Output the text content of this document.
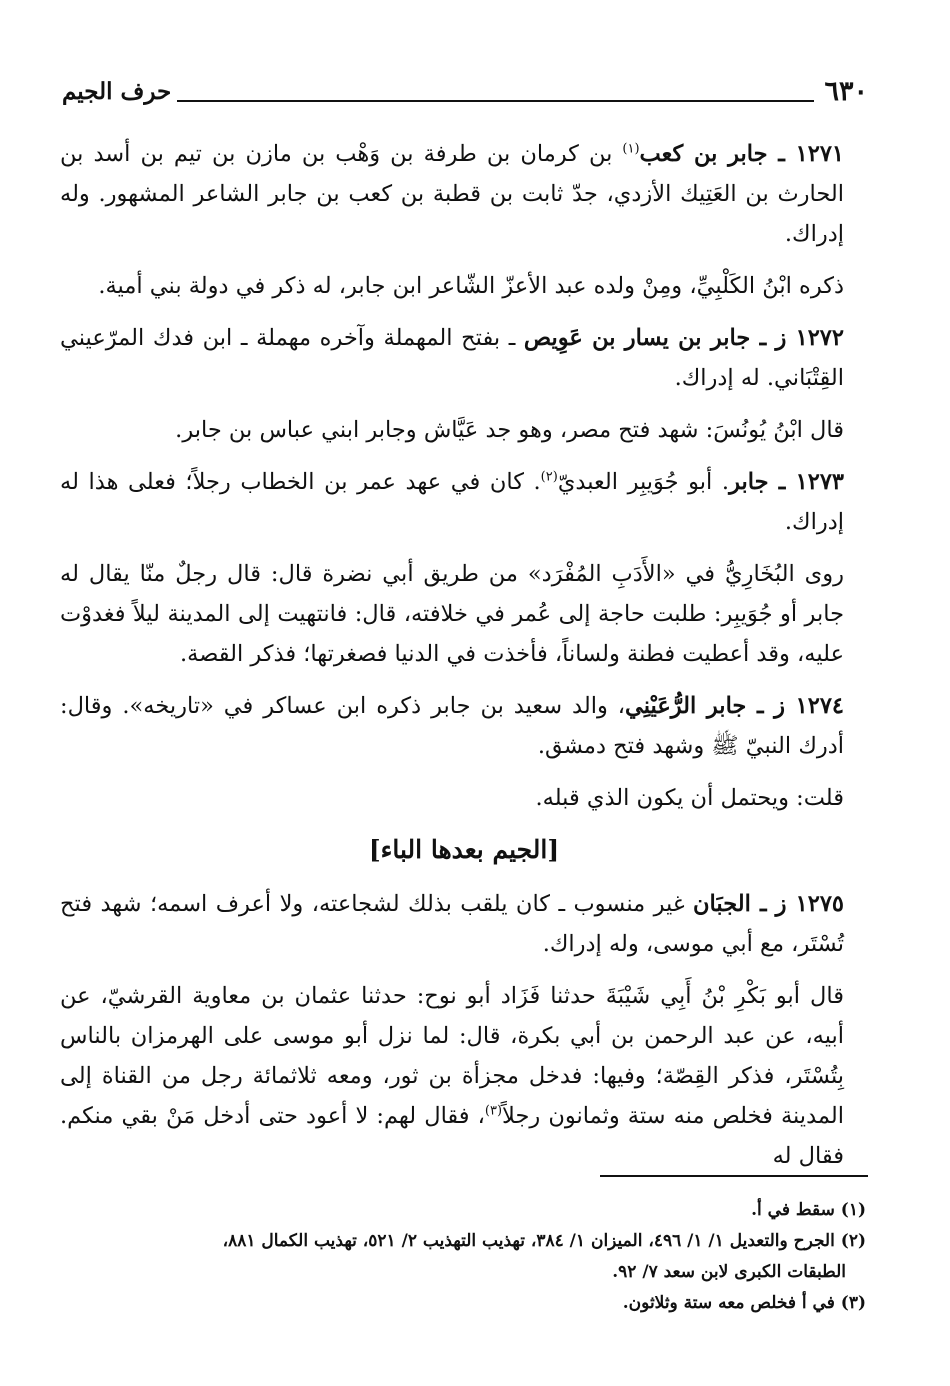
٦٣٠
حرف الجيم

١٢٧١ ـ جابر بن كعب$^{(١)}$ بن كرمان بن طرفة بن وَهْب بن مازن بن تيم بن أسد بن الحارث بن العَتِيك الأزدي، جدّ ثابت بن قطبة بن كعب بن جابر الشاعر المشهور. وله إدراك.

ذكره ابْنُ الكَلْبِيِّ، ومِنْ ولده عبد الأعزّ الشّاعر ابن جابر، له ذكر في دولة بني أمية.

١٢٧٢ ز ـ جابر بن يسار بن عَوِيص ـ بفتح المهملة وآخره مهملة ـ ابن فدك المرّعيني القِتْبَاني. له إدراك.

قال ابْنُ يُونُسَ: شهد فتح مصر، وهو جد عَيَّاش وجابر ابني عباس بن جابر.

١٢٧٣ ـ جابر. أبو جُوَيبِر العبديّ$^{(٢)}$. كان في عهد عمر بن الخطاب رجلاً؛ فعلى هذا له إدراك.

روى البُخَارِيُّ في «الأَدَبِ المُفْرَد» من طريق أبي نضرة قال: قال رجلٌ منّا يقال له جابر أو جُوَيبِر: طلبت حاجة إلى عُمر في خلافته، قال: فانتهيت إلى المدينة ليلاً فغدوْت عليه، وقد أعطيت فطنة ولساناً، فأخذت في الدنيا فصغرتها؛ فذكر القصة.

١٢٧٤ ز ـ جابر الرُّعَيْنِي، والد سعيد بن جابر ذكره ابن عساكر في «تاريخه». وقال: أدرك النبيّ ﷺ وشهد فتح دمشق.

قلت: ويحتمل أن يكون الذي قبله.

[الجيم بعدها الباء]

١٢٧٥ ز ـ الجبَان غير منسوب ـ كان يلقب بذلك لشجاعته، ولا أعرف اسمه؛ شهد فتح تُسْتَر، مع أبي موسى، وله إدراك.

قال أبو بَكْرِ بْنُ أَبِي شَيْبَةَ حدثنا فَزَاد أبو نوح: حدثنا عثمان بن معاوية القرشيّ، عن أبيه، عن عبد الرحمن بن أبي بكرة، قال: لما نزل أبو موسى على الهرمزان بالناس بِتُسْتَر، فذكر القِصّة؛ وفيها: فدخل مجزأة بن ثور، ومعه ثلاثمائة رجل من القناة إلى المدينة فخلص منه ستة وثمانون رجلاً$^{(٣)}$، فقال لهم: لا أعود حتى أدخل مَنْ بقي منكم. فقال له

(١) سقط في أ.

(٢) الجرح والتعديل ١/ ١/ ٤٩٦، الميزان ١/ ٣٨٤، تهذيب التهذيب ٢/ ٥٢١، تهذيب الكمال ٨٨١،

الطبقات الكبرى لابن سعد ٧/ ٩٢.

(٣) في أ فخلص معه ستة وثلاثون.
